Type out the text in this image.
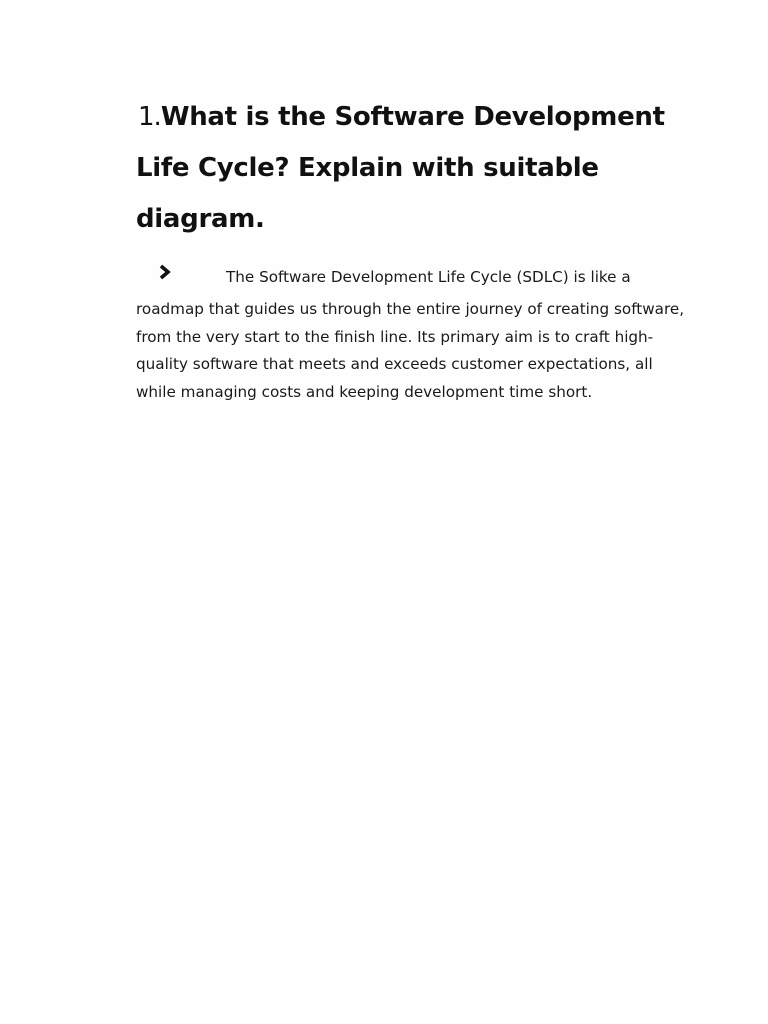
1.What is the Software Development Life Cycle? Explain with suitable diagram.
The Software Development Life Cycle (SDLC) is like a
roadmap that guides us through the entire journey of creating software,
from the very start to the finish line. Its primary aim is to craft high-
quality software that meets and exceeds customer expectations, all
while managing costs and keeping development time short.
